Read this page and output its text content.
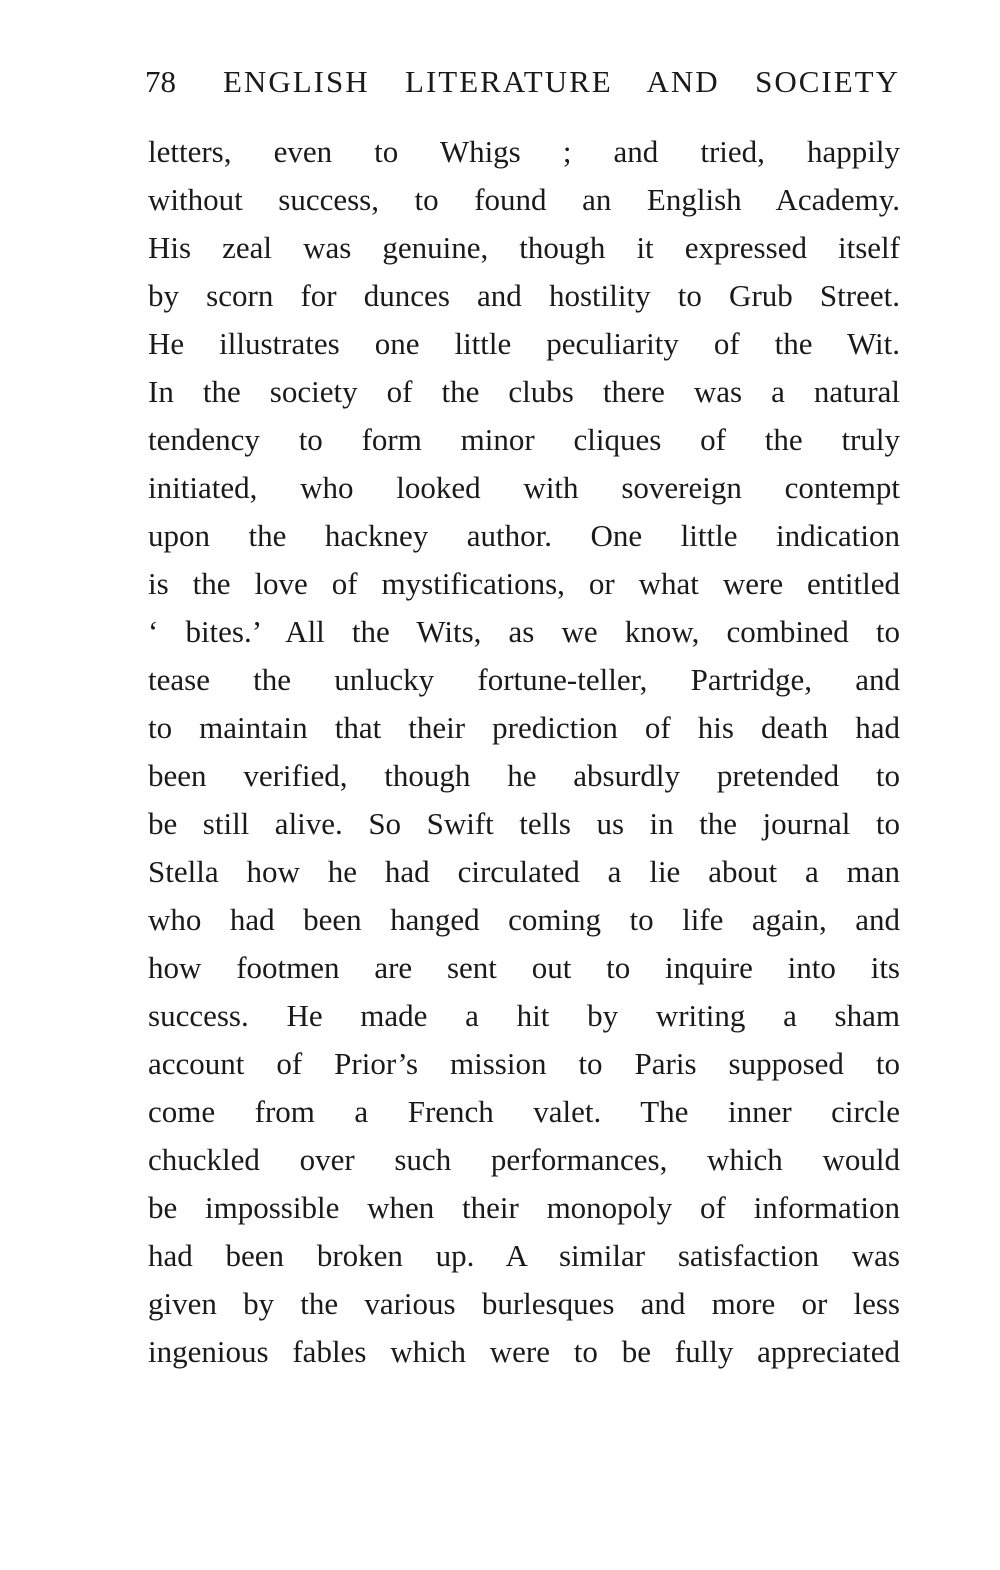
78 ENGLISH LITERATURE AND SOCIETY
letters, even to Whigs ; and tried, happily
without success, to found an English Academy.
His zeal was genuine, though it expressed itself
by scorn for dunces and hostility to Grub Street.
He illustrates one little peculiarity of the Wit.
In the society of the clubs there was a natural
tendency to form minor cliques of the truly
initiated, who looked with sovereign contempt
upon the hackney author. One little indication
is the love of mystifications, or what were entitled
‘ bites.’ All the Wits, as we know, combined to
tease the unlucky fortune-teller, Partridge, and
to maintain that their prediction of his death had
been verified, though he absurdly pretended to
be still alive. So Swift tells us in the journal to
Stella how he had circulated a lie about a man
who had been hanged coming to life again, and
how footmen are sent out to inquire into its
success. He made a hit by writing a sham
account of Prior’s mission to Paris supposed to
come from a French valet. The inner circle
chuckled over such performances, which would
be impossible when their monopoly of information
had been broken up. A similar satisfaction was
given by the various burlesques and more or less
ingenious fables which were to be fully appreciated
